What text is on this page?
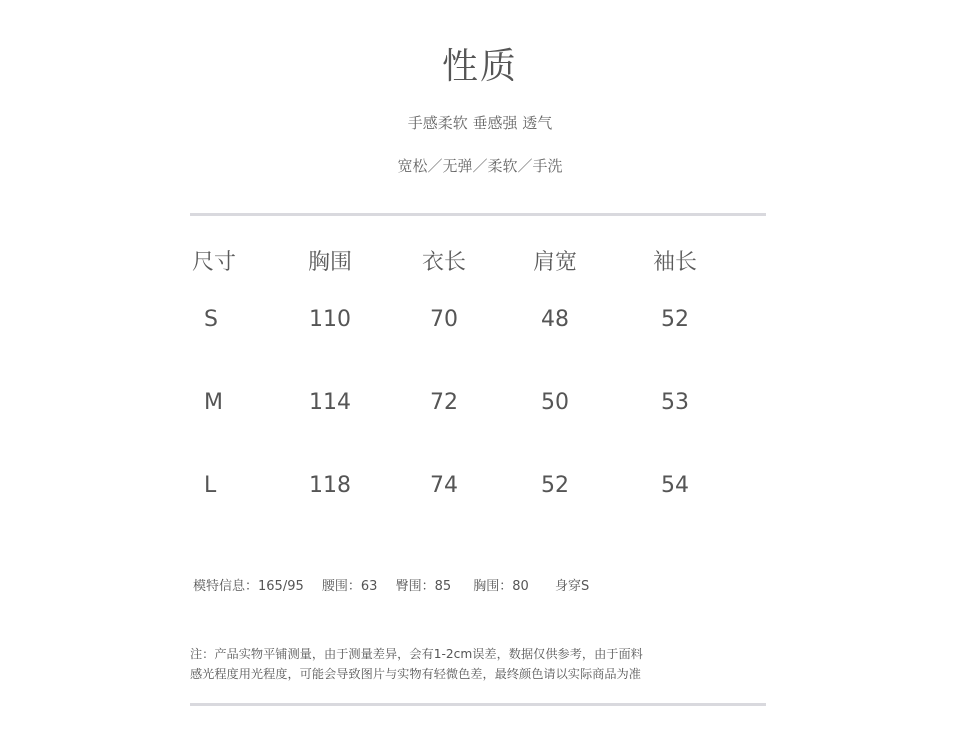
性质
手感柔软 垂感强 透气
宽松／无弹／柔软／手洗
尺寸	胸围	衣长	肩宽	袖长
S	110	70	48	52
M	114	72	50	53
L	118	74	52	54
模特信息：165/95 腰围：63 臀围：85 胸围：80 身穿S
注：产品实物平铺测量，由于测量差异，会有1-2cm误差，数据仅供参考，由于面料
感光程度用光程度，可能会导致图片与实物有轻微色差，最终颜色请以实际商品为准
